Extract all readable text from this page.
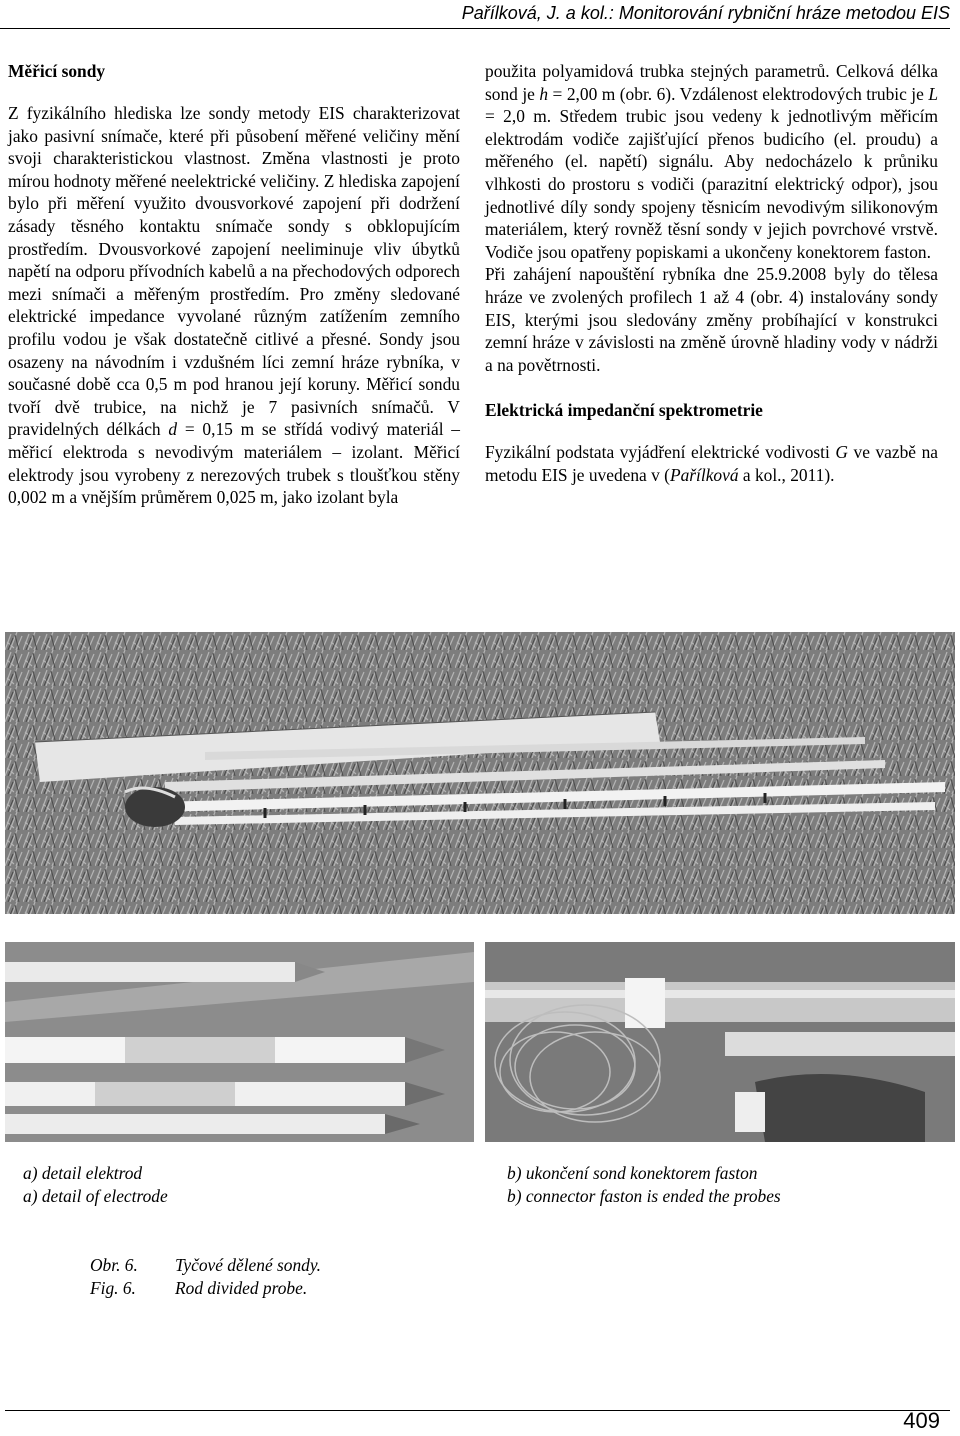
Pařílková, J. a kol.: Monitorování rybniční hráze metodou EIS
Měřicí sondy

Z fyzikálního hlediska lze sondy metody EIS charakterizovat jako pasivní snímače, které při působení měřené veličiny mění svoji charakteristickou vlastnost. Změna vlastnosti je proto mírou hodnoty měřené neelektrické veličiny. Z hlediska zapojení bylo při měření využito dvousvorkové zapojení při dodržení zásady těsného kontaktu snímače sondy s obklopujícím prostředím. Dvousvorkové zapojení neeliminuje vliv úbytků napětí na odporu přívodních kabelů a na přechodových odporech mezi snímači a měřeným prostředím. Pro změny sledované elektrické impedance vyvolané různým zatížením zemního profilu vodou je však dostatečně citlivé a přesné. Sondy jsou osazeny na návodním i vzdušném líci zemní hráze rybníka, v současné době cca 0,5 m pod hranou její koruny. Měřicí sondu tvoří dvě trubice, na nichž je 7 pasivních snímačů. V pravidelných délkách d = 0,15 m se střídá vodivý materiál – měřicí elektroda s nevodivým materiálem – izolant. Měřicí elektrody jsou vyrobeny z nerezových trubek s tloušťkou stěny 0,002 m a vnějším průměrem 0,025 m, jako izolant byla

použita polyamidová trubka stejných parametrů. Celková délka sond je h = 2,00 m (obr. 6). Vzdálenost elektrodových trubic je L = 2,0 m. Středem trubic jsou vedeny k jednotlivým měřicím elektrodám vodiče zajišťující přenos budicího (el. proudu) a měřeného (el. napětí) signálu. Aby nedocházelo k průniku vlhkosti do prostoru s vodiči (parazitní elektrický odpor), jsou jednotlivé díly sondy spojeny těsnicím nevodivým silikonovým materiálem, který rovněž těsní sondy v jejich povrchové vrstvě. Vodiče jsou opatřeny popiskami a ukončeny konektorem faston.

Při zahájení napouštění rybníka dne 25.9.2008 byly do tělesa hráze ve zvolených profilech 1 až 4 (obr. 4) instalovány sondy EIS, kterými jsou sledovány změny probíhající v konstrukci zemní hráze v závislosti na změně úrovně hladiny vody v nádrži a na povětrnosti.

Elektrická impedanční spektrometrie

Fyzikální podstata vyjádření elektrické vodivosti G ve vazbě na metodu EIS je uvedena v (Pařílková a kol., 2011).

a) detail elektrod
a) detail of electrode
b) ukončení sond konektorem faston
b) connector faston is ended the probes
Obr. 6.	Tyčové dělené sondy.
Fig. 6.	Rod divided probe.
409
